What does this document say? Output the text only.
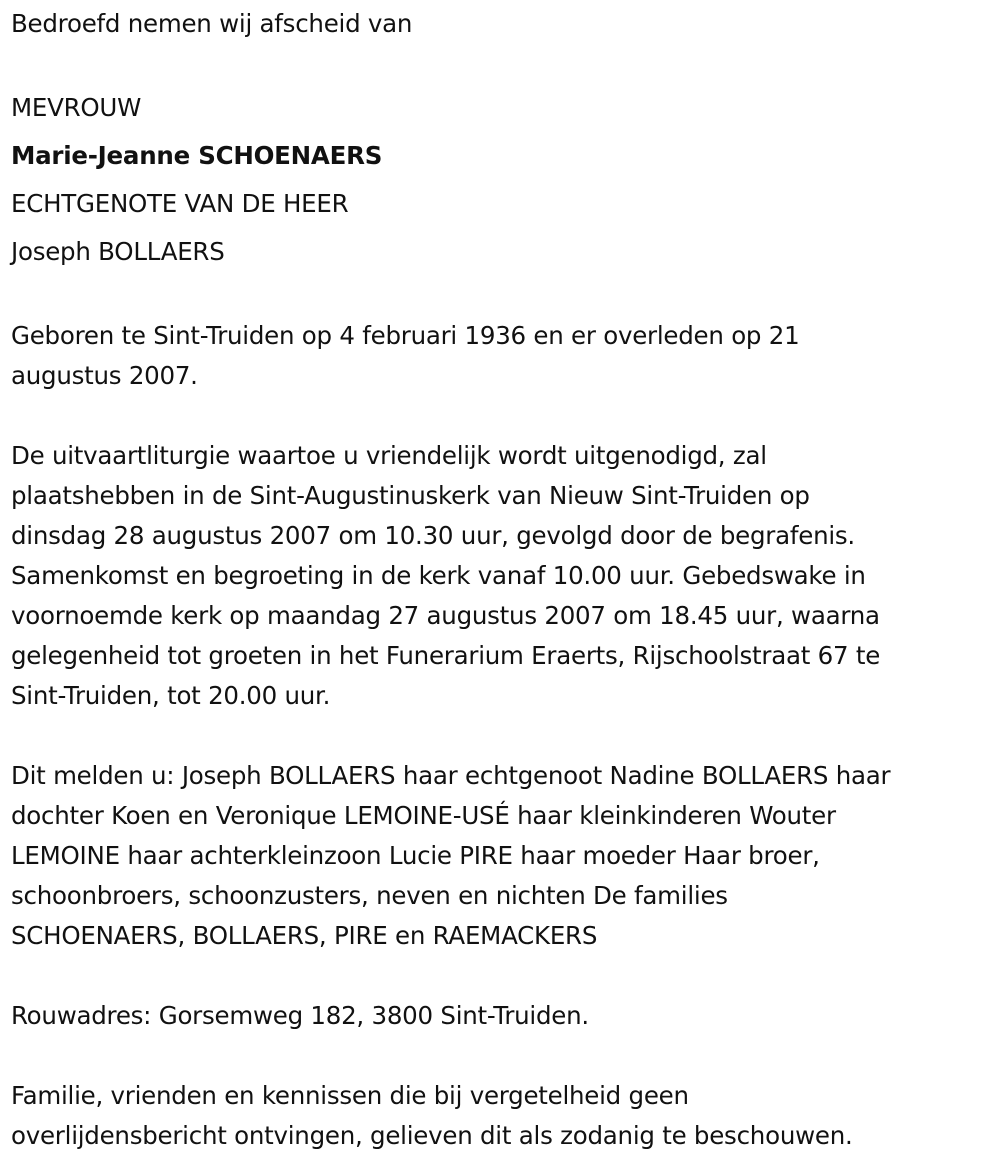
Bedroefd nemen wij afscheid van

MEVROUW

Marie-Jeanne SCHOENAERS

ECHTGENOTE VAN DE HEER

Joseph BOLLAERS

Geboren te Sint-Truiden op 4 februari 1936 en er overleden op 21

augustus 2007.

De uitvaartliturgie waartoe u vriendelijk wordt uitgenodigd, zal

plaatshebben in de Sint-Augustinuskerk van Nieuw Sint-Truiden op

dinsdag 28 augustus 2007 om 10.30 uur, gevolgd door de begrafenis.

Samenkomst en begroeting in de kerk vanaf 10.00 uur. Gebedswake in

voornoemde kerk op maandag 27 augustus 2007 om 18.45 uur, waarna

gelegenheid tot groeten in het Funerarium Eraerts, Rijschoolstraat 67 te

Sint-Truiden, tot 20.00 uur.

Dit melden u: Joseph BOLLAERS haar echtgenoot Nadine BOLLAERS haar

dochter Koen en Veronique LEMOINE-USÉ haar kleinkinderen Wouter

LEMOINE haar achterkleinzoon Lucie PIRE haar moeder Haar broer,

schoonbroers, schoonzusters, neven en nichten De families

SCHOENAERS, BOLLAERS, PIRE en RAEMACKERS

Rouwadres: Gorsemweg 182, 3800 Sint-Truiden.

Familie, vrienden en kennissen die bij vergetelheid geen

overlijdensbericht ontvingen, gelieven dit als zodanig te beschouwen.
